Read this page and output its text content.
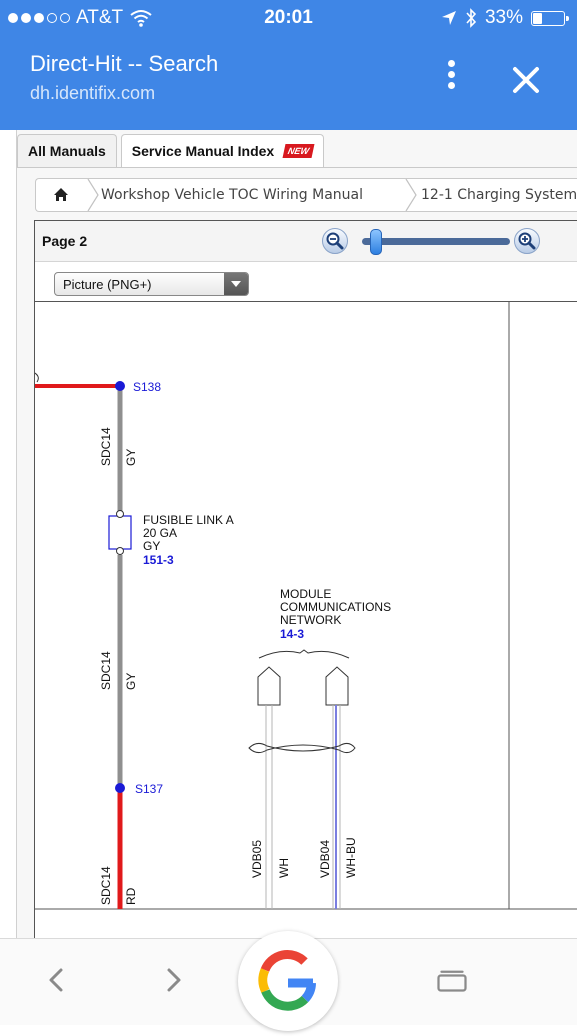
AT&T	20:01	33%
Direct-Hit -- Search
dh.identifix.com
All Manuals Service Manual Index	NEW
Workshop Vehicle TOC Wiring Manual	12-1 Charging System
Page 2
Picture (PNG+)
S138
S137
SDC14 GY
FUSIBLE LINK A
20 GA
GY
151-3
SDC14 GY
SDC14 RD
MODULE
COMMUNICATIONS
NETWORK
14-3
VDB05 WH VDB04 WH-BU
